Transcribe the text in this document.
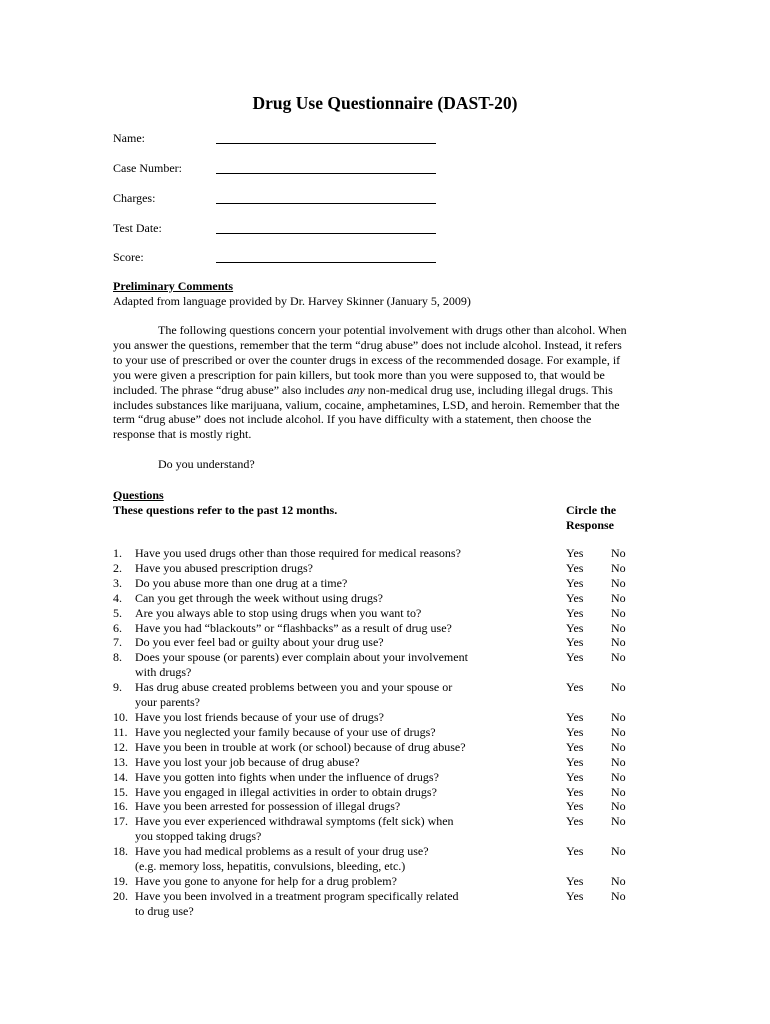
Drug Use Questionnaire (DAST-20)
Name:
Case Number:
Charges:
Test Date:
Score:
Preliminary Comments
Adapted from language provided by Dr. Harvey Skinner (January 5, 2009)
The following questions concern your potential involvement with drugs other than alcohol. When
you answer the questions, remember that the term “drug abuse” does not include alcohol. Instead, it refers
to your use of prescribed or over the counter drugs in excess of the recommended dosage. For example, if
you were given a prescription for pain killers, but took more than you were supposed to, that would be
included. The phrase “drug abuse” also includes any non-medical drug use, including illegal drugs. This
includes substances like marijuana, valium, cocaine, amphetamines, LSD, and heroin. Remember that the
term “drug abuse” does not include alcohol. If you have difficulty with a statement, then choose the
response that is mostly right.
Do you understand?
Questions
These questions refer to the past 12 months.	Circle the
Response
1.	Have you used drugs other than those required for medical reasons?	Yes No
2.	Have you abused prescription drugs?	Yes No
3.	Do you abuse more than one drug at a time?	Yes No
4.	Can you get through the week without using drugs?	Yes No
5.	Are you always able to stop using drugs when you want to?	Yes No
6.	Have you had “blackouts” or “flashbacks” as a result of drug use?	Yes No
7.	Do you ever feel bad or guilty about your drug use?	Yes No
8.	Does your spouse (or parents) ever complain about your involvement
with drugs?
Yes No
9.	Has drug abuse created problems between you and your spouse or
your parents?
Yes No
10. Have you lost friends because of your use of drugs?	Yes No
11. Have you neglected your family because of your use of drugs?	Yes No
12. Have you been in trouble at work (or school) because of drug abuse?	Yes No
13. Have you lost your job because of drug abuse?	Yes No
14. Have you gotten into fights when under the influence of drugs?	Yes No
15. Have you engaged in illegal activities in order to obtain drugs?	Yes No
16. Have you been arrested for possession of illegal drugs?	Yes No
17. Have you ever experienced withdrawal symptoms (felt sick) when
you stopped taking drugs?
Yes No
18. Have you had medical problems as a result of your drug use?
(e.g. memory loss, hepatitis, convulsions, bleeding, etc.)
Yes No
19. Have you gone to anyone for help for a drug problem?	Yes No
20. Have you been involved in a treatment program specifically related
to drug use?
Yes No
